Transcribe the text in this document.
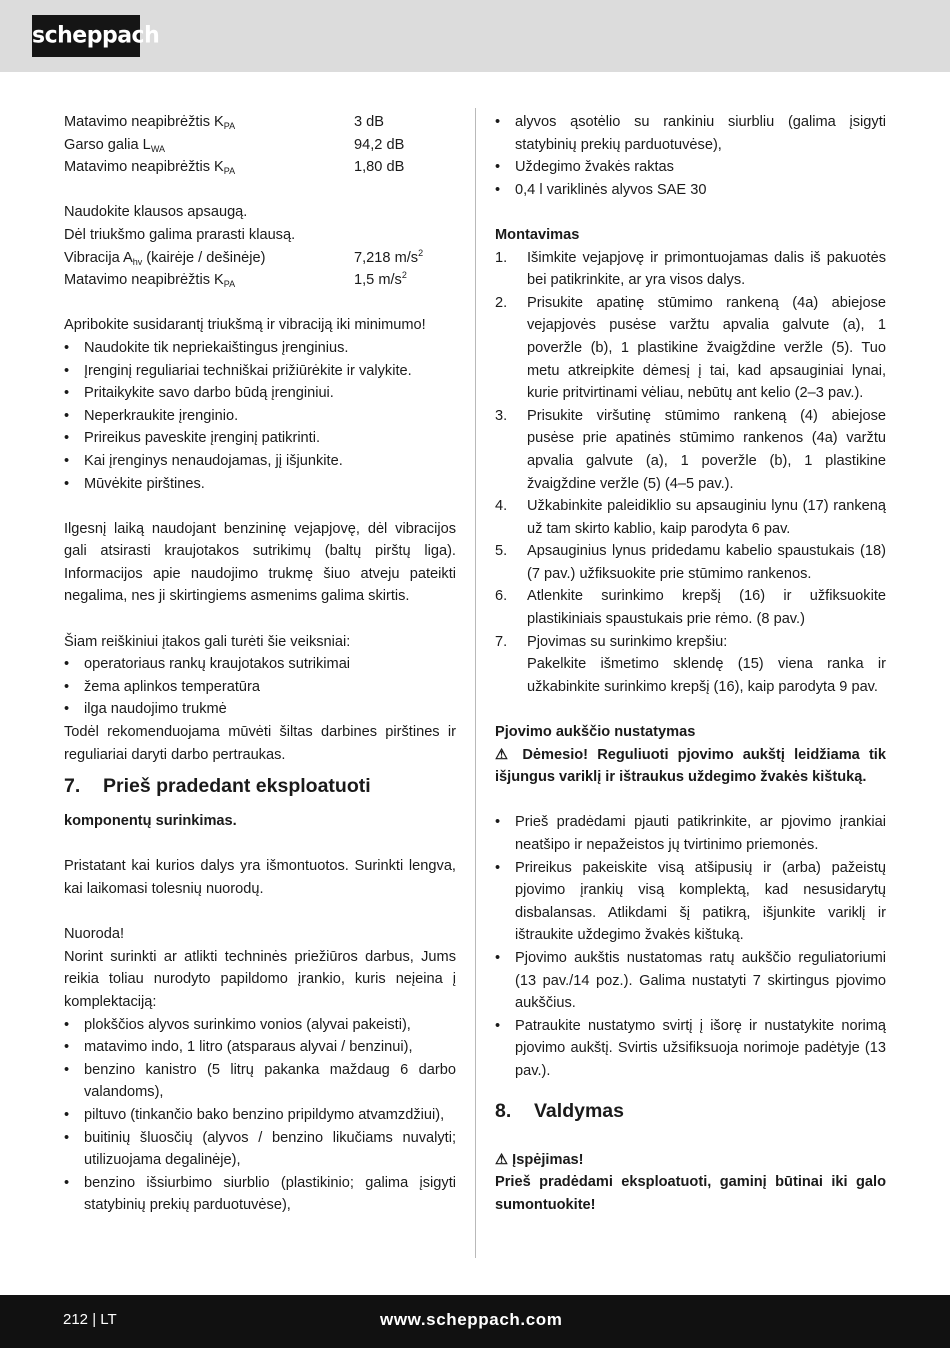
scheppach
Matavimo neapibrėžtis $K_{PA}$	3 dB
Garso galia $L_{WA}$	94,2 dB
Matavimo neapibrėžtis $K_{PA}$	1,80 dB

Naudokite klausos apsaugą.

Dėl triukšmo galima prarasti klausą.

Vibracija $A_{hv}$ (kairėje / dešinėje)	7,218 $m/s^2$
Matavimo neapibrėžtis $K_{PA}$	1,5 $m/s^2$

Apribokite susidarantį triukšmą ir vibraciją iki minimumo!

• Naudokite tik nepriekaištingus įrenginius.
• Įrenginį reguliariai techniškai prižiūrėkite ir valykite.
• Pritaikykite savo darbo būdą įrenginiui.
• Neperkraukite įrenginio.
• Prireikus paveskite įrenginį patikrinti.
• Kai įrenginys nenaudojamas, jį išjunkite.
• Mūvėkite pirštines.

Ilgesnį laiką naudojant benzininę vejapjovę, dėl vibracijos gali atsirasti kraujotakos sutrikimų (baltų pirštų liga). Informacijos apie naudojimo trukmę šiuo atveju pateikti negalima, nes ji skirtingiems asmenims galima skirtis.

Šiam reiškiniui įtakos gali turėti šie veiksniai:

• operatoriaus rankų kraujotakos sutrikimai
• žema aplinkos temperatūra
• ilga naudojimo trukmė

Todėl rekomenduojama mūvėti šiltas darbines pirštines ir reguliariai daryti darbo pertraukas.

7. Prieš pradedant eksploatuoti

komponentų surinkimas.

Pristatant kai kurios dalys yra išmontuotos. Surinkti lengva, kai laikomasi tolesnių nuorodų.

Nuoroda!

Norint surinkti ar atlikti techninės priežiūros darbus, Jums reikia toliau nurodyto papildomo įrankio, kuris neįeina į komplektaciją:

• plokščios alyvos surinkimo vonios (alyvai pakeisti),
• matavimo indo, 1 litro (atsparaus alyvai / benzinui),
• benzino kanistro (5 litrų pakanka maždaug 6 darbo valandoms),
• piltuvo (tinkančio bako benzino pripildymo atvamzdžiui),
• buitinių šluosčių (alyvos / benzino likučiams nuvalyti; utilizuojama degalinėje),
• benzino išsiurbimo siurblio (plastikinio; galima įsigyti statybinių prekių parduotuvėse),
• alyvos ąsotėlio su rankiniu siurbliu (galima įsigyti statybinių prekių parduotuvėse),
• Uždegimo žvakės raktas
• 0,4 l variklinės alyvos SAE 30

Montavimas

1. Išimkite vejapjovę ir primontuojamas dalis iš pakuotės bei patikrinkite, ar yra visos dalys.
2. Prisukite apatinę stūmimo rankeną (4a) abiejose vejapjovės pusėse varžtu apvalia galvute (a), 1 poveržle (b), 1 plastikine žvaigždine veržle (5). Tuo metu atkreipkite dėmesį į tai, kad apsauginiai lynai, kurie pritvirtinami vėliau, nebūtų ant kelio (2–3 pav.).
3. Prisukite viršutinę stūmimo rankeną (4) abiejose pusėse prie apatinės stūmimo rankenos (4a) varžtu apvalia galvute (a), 1 poveržle (b), 1 plastikine žvaigždine veržle (5) (4–5 pav.).
4. Užkabinkite paleidiklio su apsauginiu lynu (17) rankeną už tam skirto kablio, kaip parodyta 6 pav.
5. Apsauginius lynus pridedamu kabelio spaustukais (18) (7 pav.) užfiksuokite prie stūmimo rankenos.
6. Atlenkite surinkimo krepšį (16) ir užfiksuokite plastikiniais spaustukais prie rėmo. (8 pav.)
7. Pjovimas su surinkimo krepšiu:
Pakelkite išmetimo sklendę (15) viena ranka ir užkabinkite surinkimo krepšį (16), kaip parodyta 9 pav.

Pjovimo aukščio nustatymas

⚠ Dėmesio! Reguliuoti pjovimo aukštį leidžiama tik išjungus variklį ir ištraukus uždegimo žvakės kištuką.

• Prieš pradėdami pjauti patikrinkite, ar pjovimo įrankiai neatšipo ir nepažeistos jų tvirtinimo priemonės.
• Prireikus pakeiskite visą atšipusių ir (arba) pažeistų pjovimo įrankių visą komplektą, kad nesusidarytų disbalansas. Atlikdami šį patikrą, išjunkite variklį ir ištraukite uždegimo žvakės kištuką.
• Pjovimo aukštis nustatomas ratų aukščio reguliatoriumi (13 pav./14 poz.). Galima nustatyti 7 skirtingus pjovimo aukščius.
• Patraukite nustatymo svirtį į išorę ir nustatykite norimą pjovimo aukštį. Svirtis užsifiksuoja norimoje padėtyje (13 pav.).
8. Valdymas

⚠ Įspėjimas!

Prieš pradėdami eksploatuoti, gaminį būtinai iki galo sumontuokite!

212 | LT	www.scheppach.com
